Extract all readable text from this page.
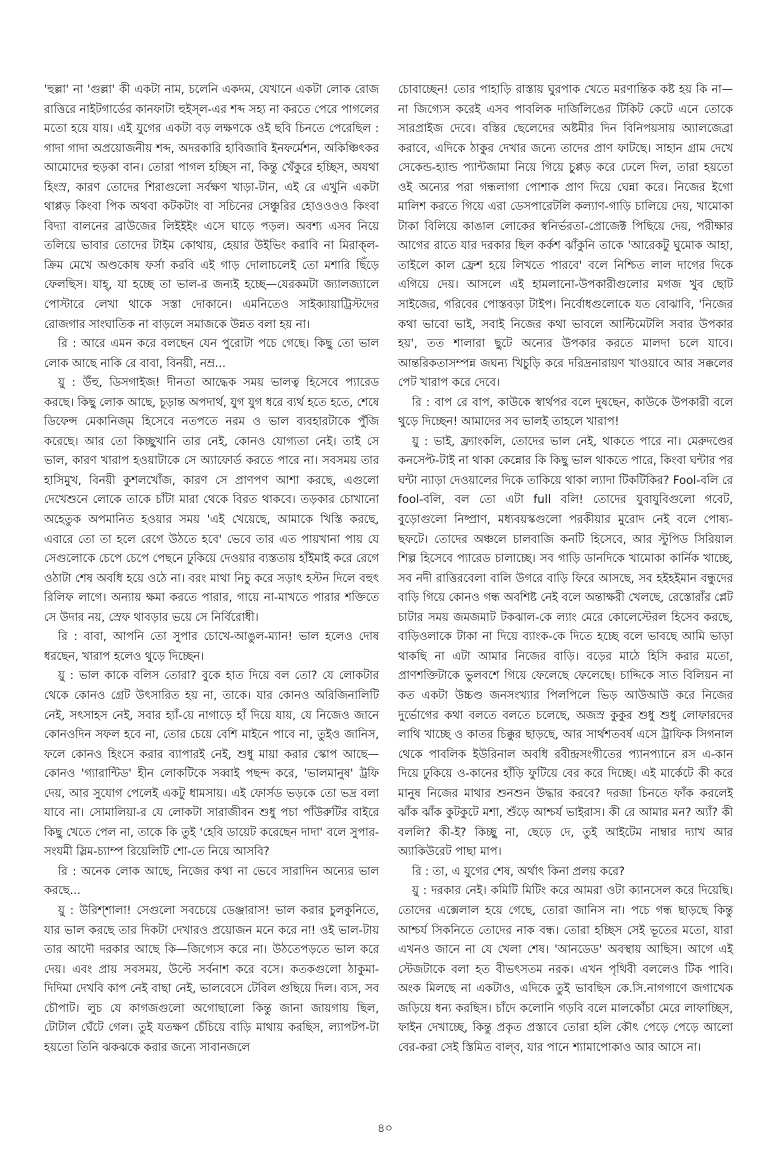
'হুল্লা' না 'গুল্লা' কী একটা নাম, চলেনি একদম, যেখানে একটা লোক রোজ রাত্তিরে নাইটগার্ডের কানফাটা হুইস্‌ল-এর শব্দ সহ্য না করতে পেরে পাগলের মতো হয়ে যায়। এই যুগের একটা বড় লক্ষণকে ওই ছবি চিনতে পেরেছিল : গাদা গাদা অপ্রয়োজনীয় শব্দ, অদরকারি হাবিজাবি ইনফর্মেশন, অকিঞ্চিৎকর আমোদের হুড়কা বান। তোরা পাগল হচ্ছিস না, কিন্তু খেঁকুরে হচ্ছিস, অযথা হিংস্র, কারণ তোদের শিরাগুলো সর্বক্ষণ খাড়া-টান, এই রে এখুনি একটা থাপ্পড় কিংবা পিক অথবা কটকটাং বা সচিনের সেঞ্চুরির হোওওওও কিংবা বিদ্যা বালনের ব্রাউজের লিইইইং এসে ঘাড়ে পড়ল। অবশ্য এসব নিয়ে তলিয়ে ভাবার তোদের টাইম কোথায়, হেয়ার উইভিং করাবি না মিরাক্‌ল-ক্রিম মেখে অণ্ডকোষ ফর্সা করবি এই গাড় দোলাচলেই তো মশারি ছিঁড়ে ফেলছিস। যাহ্‌, যা হচ্ছে তা ভাল-র জন্যই হচ্ছে—যেরকমটা জ্যালজ্যালে পোস্টারে লেখা থাকে সস্তা দোকানে। এমনিতেও সাইক্যায়াট্রিস্টদের রোজগার সাংঘাতিক না বাড়লে সমাজকে উন্নত বলা হয় না।

রি : আরে এমন করে বলছেন যেন পুরোটা পচে গেছে। কিছু তো ভাল লোক আছে নাকি রে বাবা, বিনয়ী, নম্র...

য়ু : উঁহু, ডিসগাইজ! দীনতা আদ্ধেক সময় ভালত্ব হিসেবে প্যারেড করছে। কিছু লোক আছে, চূড়ান্ত অপদার্থ, যুগ যুগ ধরে ব্যর্থ হতে হতে, শেষে ডিফেন্স মেকানিজ্‌ম হিসেবে নতপতে নরম ও ভাল ব্যবহারটাকে পুঁজি করেছে। আর তো কিচ্ছুখানি তার নেই, কোনও যোগ্যতা নেই। তাই সে ভাল, কারণ খারাপ হওয়াটাকে সে অ্যাফোর্ড করতে পারে না। সবসময় তার হাসিমুখ, বিনয়ী কুশলখোঁজ, কারণ সে প্রাণপণ আশা করছে, এগুলো দেখেশুনে লোকে তাকে চাঁটা মারা থেকে বিরত থাকবে। তড়কার চোখানো অহেতুক অপমানিত হওয়ার সময় 'এই খেয়েছে, আমাকে খিস্তি করছে, এবারে তো তা হলে রেগে উঠতে হবে' ভেবে তার এত পায়খানা পায় যে সেগুলোকে চেপে চেপে পেছনে ঢুকিয়ে দেওয়ার ব্যস্ততায় হাঁইমাই করে রেগে ওঠাটা শেষ অবধি হয়ে ওঠে না। বরং মাথা নিচু করে সড়াৎ হস্টন দিলে বহুৎ রিলিফ লাগে। অন্যায় ক্ষমা করতে পারার, গায়ে না-মাখতে পারার শক্তিতে সে উদার নয়, স্রেফ থাবড়ার ভয়ে সে নির্বিরোধী।

রি : বাবা, আপনি তো সুপার চোখে-আঙুল-ম্যান! ভাল হলেও দোষ ধরছেন, খারাপ হলেও থুড়ে দিচ্ছেন।

য়ু : ভাল কাকে বলিস তোরা? বুকে হাত দিয়ে বল তো? যে লোকটার থেকে কোনও গ্রেট উৎসারিত হয় না, তাকে। যার কোনও অরিজিনালিটি নেই, সৎসাহস নেই, সবার হ্যাঁ-য়ে নাগাড়ে হাঁ দিয়ে যায়, যে নিজেও জানে কোনওদিন সফল হবে না, তোর চেয়ে বেশি মাইনে পাবে না, তুইও জানিস, ফলে কোনও হিংসে করার ব্যাপারই নেই, শুধু মায়া করার স্কোপ আছে—কোনও 'গ্যারান্টিড' হীন লোকটিকে সব্বাই পছন্দ করে, 'ভালমানুষ' ট্রফি দেয়, আর সুযোগ পেলেই একটু ধামসায়। এই ফোর্সড ভড়কে তো ভদ্র বলা যাবে না। সোমালিয়া-র যে লোকটা সারাজীবন শুধু পচা পাঁউরুটির বাইরে কিছু খেতে পেল না, তাকে কি তুই 'হেবি ডায়েট করেছেন দাদা' বলে সুপার-সংযমী স্লিম-চ্যাম্প রিয়েলিটি শো-তে নিয়ে আসবি?

রি : অনেক লোক আছে, নিজের কথা না ভেবে সারাদিন অন্যের ভাল করছে...

য়ু : উরিশ্শালা! সেগুলো সবচেয়ে ডেঞ্জারাস! ভাল করার চুলকুনিতে, যার ভাল করছে তার দিকটা দেখারও প্রয়োজন মনে করে না! ওই ভাল-টায় তার আদৌ দরকার আছে কি—জিগ্যেস করে না। উঠতেপড়তে ভাল করে দেয়। এবং প্রায় সবসময়, উল্টে সর্বনাশ করে বসে। কতকগুলো ঠাকুমা-দিদিমা দেখবি কাপ নেই বাছা নেই, ভালবেসে টেবিল গুছিয়ে দিল। ব্যস, সব চৌপাট। লুচ যে কাগজগুলো অগোছালো কিন্তু জানা জায়গায় ছিল, টোটাল ঘেঁটে গেল। তুই যতক্ষণ চেঁচিয়ে বাড়ি মাথায় করছিস, ল্যাপটপ-টা হয়তো তিনি ঝকঝকে করার জন্যে সাবানজলে

চোবাচ্ছেন! তোর পাহাড়ি রাস্তায় ঘুরপাক খেতে মরণান্তিক কষ্ট হয় কি না—না জিগ্যেস করেই এসব পাবলিক দার্জিলিঙের টিকিট কেটে এনে তোকে সারপ্রাইজ দেবে। বস্তির ছেলেদের অষ্টমীর দিন বিনিপয়সায় অ্যালজেব্রা করাবে, এদিকে ঠাকুর দেখার জন্যে তাদের প্রাণ ফাটছে। সাহান গ্রাম দেখে সেকেন্ড-হ্যান্ড প্যান্টজামা নিয়ে গিয়ে চুপ্পড় করে ঢেলে দিল, তারা হয়তো ওই অন্যের পরা গন্ধলাগা পোশাক প্রাণ দিয়ে ঘেন্না করে। নিজের ইগো মালিশ করতে গিয়ে এরা ডেসপারেটলি কল্যাণ-গাড়ি চালিয়ে দেয়, খামোকা টাকা বিলিয়ে কাঙাল লোকের স্বনির্ভরতা-প্রোজেক্ট পিছিয়ে দেয়, পরীক্ষার আগের রাতে যার দরকার ছিল কর্কশ ঝাঁকুনি তাকে 'আরেকটু ঘুমোক আহা, তাইলে কাল ফ্রেশ হয়ে লিখতে পারবে' বলে নিশ্চিত লাল দাগের দিকে এগিয়ে দেয়। আসলে এই হামলানো-উপকারীগুলোর মগজ খুব ছোট সাইজের, গরিবের পোস্তবড়া টাইপ। নির্বোধগুলোকে যত বোঝাবি, 'নিজের কথা ভাবো ভাই, সবাই নিজের কথা ভাবলে আল্টিমেটলি সবার উপকার হয়', তত শালারা ছুটে অন্যের উপকার করতে মালদা চলে যাবে। আন্তরিকতাসম্পন্ন জঘন্য খিচুড়ি করে দরিদ্রনারায়ণ খাওয়াবে আর সক্কলের পেট খারাপ করে দেবে।

রি : বাপ রে বাপ, কাউকে স্বার্থপর বলে দুষছেন, কাউকে উপকারী বলে থুড়ে দিচ্ছেন! আমাদের সব ভালই তাহলে খারাপ!

য়ু : ভাই, ফ্র্যাংকলি, তোদের ভাল নেই, থাকতে পারে না। মেরুদণ্ডের কনসেপ্ট-টাই না থাকা কেন্নোর কি কিছু ভাল থাকতে পারে, কিংবা ঘন্টার পর ঘন্টা ন্যাড়া দেওয়ালের দিকে তাকিয়ে থাকা ল্যাদা টিকটিকির? Fool-বলি রে fool-বলি, বল তো এটা full বলি! তোদের যুবাযুবিগুলো গবেট, বুড়োগুলো নিষ্প্রাণ, মধ্যবয়স্কগুলো পরকীয়ার মুরোদ নেই বলে পোষ্য-ছফটে। তোদের অঞ্চলে চালবাজি কনটি হিসেবে, আর স্টুপিড সিরিয়াল শিল্প হিসেবে প্যারেড চালাচ্ছে। সব গাড়ি ডানদিকে খামোকা কার্নিক খাচ্ছে, সব নদী রাত্তিরবেলা বালি উগরে বাড়ি ফিরে আসছে, সব হইহইমান বন্ধুদের বাড়ি গিয়ে কোনও গন্ধ অবশিষ্ট নেই বলে অন্তাক্ষরী খেলছে, রেস্তোরাঁর প্লেট চাটার সময় জমজমাট টকঝাল-কে ল্যাং মেরে কোলেস্টেরল হিসেব করছে, বাড়িওলাকে টাকা না দিয়ে ব্যাংক-কে দিতে হচ্ছে বলে ভাবছে আমি ভাড়া থাকছি না এটা আমার নিজের বাড়ি। বড়ের মাঠে হিসি করার মতো, প্রাণশক্তিটাকে ভুলবশে গিয়ে ফেলেছে ফেলেছে। চাদ্দিকে সাত বিলিয়ন না কত একটা উচ্চণ্ড জনসংখ্যার পিলপিলে ভিড় আউআউ করে নিজের দুর্ভোগের কথা বলতে বলতে চলেছে, অজস্র কুকুর শুধু শুধু লোফারদের লাথি খাচ্ছে ও কাতর চিক্কুর ছাড়ছে, আর সার্থশতবর্ষ এসে ট্রাফিক সিগনাল থেকে পাবলিক ইউরিনাল অবধি রবীন্দ্রসংগীতের প্যানপ্যানে রস এ-কান দিয়ে ঢুকিয়ে ও-কানের হাঁড়ি ফুটিয়ে বের করে দিচ্ছে। এই মার্কেটে কী করে মানুষ নিজের মাথার শুনশুন উদ্ধার করবে? দরজা চিনতে ফাঁক করলেই ঝাঁক ঝাঁক কুটকুটে মশা, শুঁড়ে আশ্চর্য ভাইরাস। কী রে আমার মন? অ্যাঁ? কী বললি? কী-ই? কিচ্ছু না, ছেড়ে দে, তুই আইটেম নাম্বার দ্যাখ আর অ্যাকিউরেট পাছা মাপ।

রি : তা, এ যুগের শেষ, অর্থাৎ কিনা প্রলয় করে?

য়ু : দরকার নেই। কমিটি মিটিং করে আমরা ওটা ক্যানসেল করে দিয়েছি। তোদের এক্সেলাল হয়ে গেছে, তোরা জানিস না। পচে গন্ধ ছাড়ছে কিন্তু আশ্চর্য সিকনিতে তোদের নাক বন্ধ। তোরা হচ্ছিস সেই ভূতের মতো, যারা এখনও জানে না যে খেলা শেষ। 'আনডেড' অবস্থায় আছিস। আগে এই স্টেজটাকে বলা হত বীভৎসতম নরক। এখন পৃথিবী বললেও টিক পাবি। অংক মিলছে না একটাও, এদিকে তুই ভাবছিস কে.সি.নাগগাণে জগাখেক জড়িয়ে ধন্য করছিস। চাঁদে কলোনি গড়বি বলে মালকোঁচা মেরে লাফাচ্ছিস, ফাইন দেখাচ্ছে, কিন্তু প্রকৃত প্রস্তাবে তোরা হলি কৌৎ পেড়ে পেড়ে আলো বের-করা সেই স্তিমিত বাল্‌ব, যার পানে শ্যামাপোকাও আর আসে না।

৪০
